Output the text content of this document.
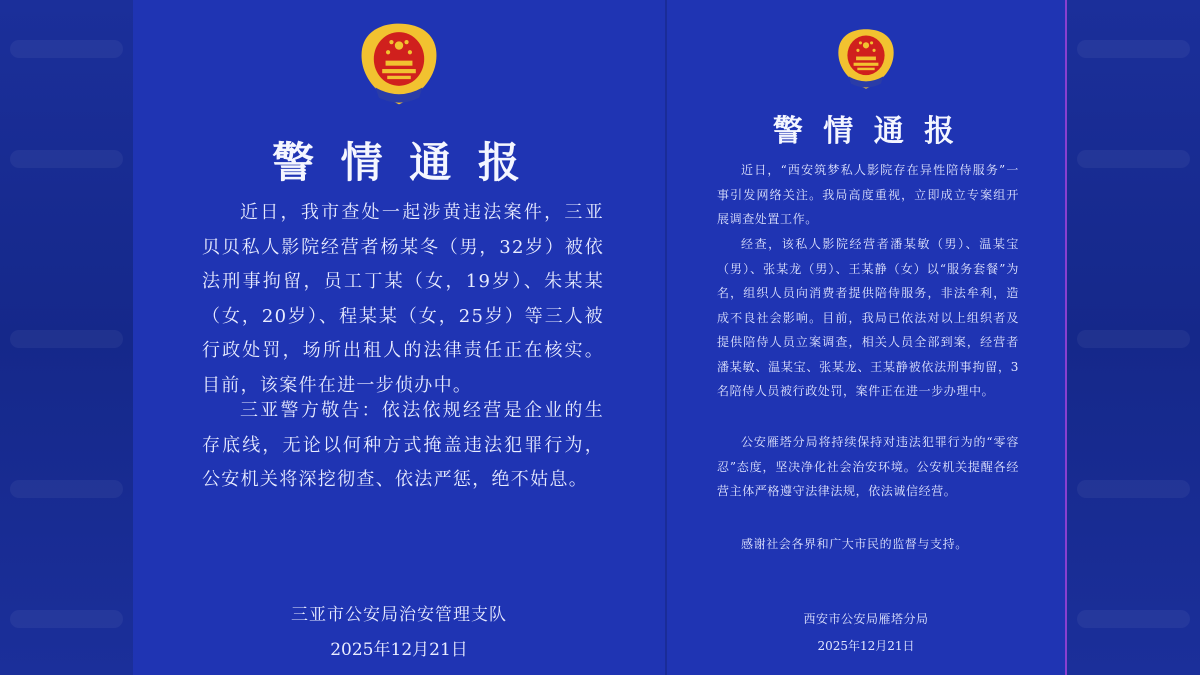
警 情 通 报

近日，我市查处一起涉黄违法案件，三亚贝贝私人影院经营者杨某冬（男，32岁）被依法刑事拘留，员工丁某（女，19岁）、朱某某（女，20岁）、程某某（女，25岁）等三人被行政处罚，场所出租人的法律责任正在核实。目前，该案件在进一步侦办中。

三亚警方敬告：依法依规经营是企业的生存底线，无论以何种方式掩盖违法犯罪行为，公安机关将深挖彻查、依法严惩，绝不姑息。

三亚市公安局治安管理支队
2025年12月21日
警 情 通 报

近日，“西安筑梦私人影院存在异性陪侍服务”一事引发网络关注。我局高度重视，立即成立专案组开展调查处置工作。

经查，该私人影院经营者潘某敏（男）、温某宝（男）、张某龙（男）、王某静（女）以“服务套餐”为名，组织人员向消费者提供陪侍服务，非法牟利，造成不良社会影响。目前，我局已依法对以上组织者及提供陪侍人员立案调查，相关人员全部到案，经营者潘某敏、温某宝、张某龙、王某静被依法刑事拘留，3名陪侍人员被行政处罚，案件正在进一步办理中。

公安雁塔分局将持续保持对违法犯罪行为的“零容忍”态度，坚决净化社会治安环境。公安机关提醒各经营主体严格遵守法律法规，依法诚信经营。

感谢社会各界和广大市民的监督与支持。

西安市公安局雁塔分局
2025年12月21日
